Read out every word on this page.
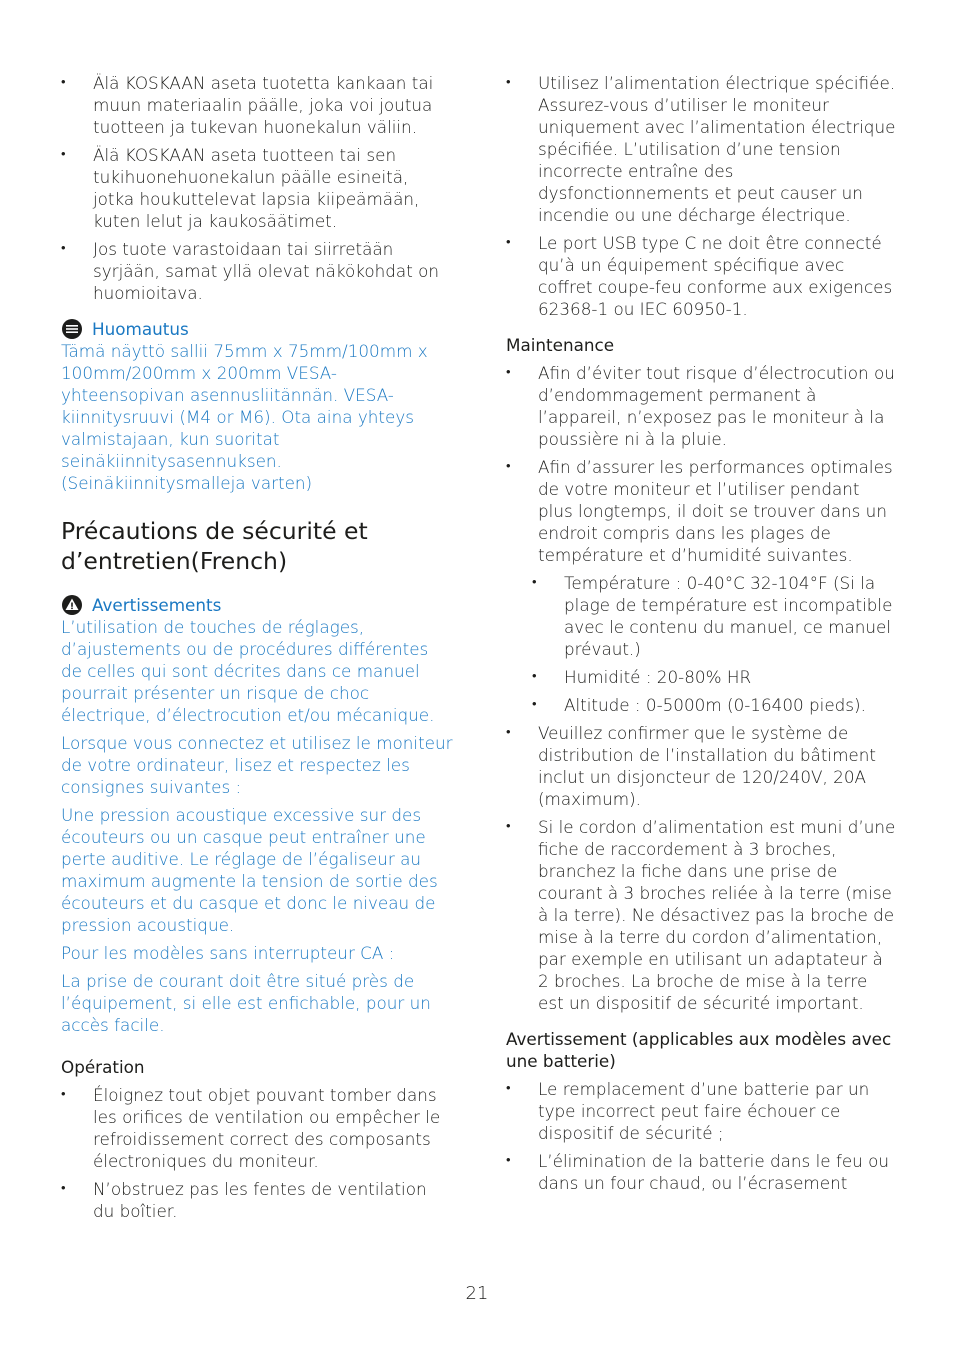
•	Älä KOSKAAN aseta tuotetta kankaan tai muun materiaalin päälle, joka voi joutua tuotteen ja tukevan huonekalun väliin.
•	Älä KOSKAAN aseta tuotteen tai sen tukihuonehuonekalun päälle esineitä, jotka houkuttelevat lapsia kiipeämään, kuten lelut ja kaukosäätimet.
•	Jos tuote varastoidaan tai siirretään syrjään, samat yllä olevat näkökohdat on huomioitava.
Huomautus
Tämä näyttö sallii 75mm x 75mm/100mm x 100mm/200mm x 200mm VESA-yhteensopivan asennusliitännän. VESA-kiinnitysruuvi (M4 or M6). Ota aina yhteys valmistajaan, kun suoritat seinäkiinnitysasennuksen. (Seinäkiinnitysmalleja varten)
Précautions de sécurité et d’entretien(French)
Avertissements

L’utilisation de touches de réglages, d’ajustements ou de procédures différentes de celles qui sont décrites dans ce manuel pourrait présenter un risque de choc électrique, d’électrocution et/ou mécanique.

Lorsque vous connectez et utilisez le moniteur de votre ordinateur, lisez et respectez les consignes suivantes :

Une pression acoustique excessive sur des écouteurs ou un casque peut entraîner une perte auditive. Le réglage de l’égaliseur au maximum augmente la tension de sortie des écouteurs et du casque et donc le niveau de pression acoustique.

Pour les modèles sans interrupteur CA :

La prise de courant doit être situé près de l’équipement, si elle est enfichable, pour un accès facile.

Opération
•	Éloignez tout objet pouvant tomber dans les orifices de ventilation ou empêcher le refroidissement correct des composants électroniques du moniteur.
•	N’obstruez pas les fentes de ventilation du boîtier.
•	Utilisez l’alimentation électrique spécifiée. Assurez-vous d’utiliser le moniteur uniquement avec l’alimentation électrique spécifiée. L’utilisation d’une tension incorrecte entraîne des dysfonctionnements et peut causer un incendie ou une décharge électrique.
•	Le port USB type C ne doit être connecté qu’à un équipement spécifique avec coffret coupe-feu conforme aux exigences 62368-1 ou IEC 60950-1.
Maintenance
•	Afin d’éviter tout risque d’électrocution ou d’endommagement permanent à l’appareil, n’exposez pas le moniteur à la poussière ni à la pluie.
•	Afin d’assurer les performances optimales de votre moniteur et l’utiliser pendant plus longtemps, il doit se trouver dans un endroit compris dans les plages de température et d’humidité suivantes.
• Température : 0-40°C 32-104°F (Si la plage de température est incompatible avec le contenu du manuel, ce manuel prévaut.)
• Humidité : 20-80% HR
• Altitude : 0-5000m (0-16400 pieds).
•	Veuillez confirmer que le système de distribution de l’installation du bâtiment inclut un disjoncteur de 120/240V, 20A (maximum).
•	Si le cordon d’alimentation est muni d’une fiche de raccordement à 3 broches, branchez la fiche dans une prise de courant à 3 broches reliée à la terre (mise à la terre). Ne désactivez pas la broche de mise à la terre du cordon d’alimentation, par exemple en utilisant un adaptateur à 2 broches. La broche de mise à la terre est un dispositif de sécurité important.
Avertissement (applicables aux modèles avec une batterie)
•	Le remplacement d’une batterie par un type incorrect peut faire échouer ce dispositif de sécurité ;
•	L’élimination de la batterie dans le feu ou dans un four chaud, ou l’écrasement
21
